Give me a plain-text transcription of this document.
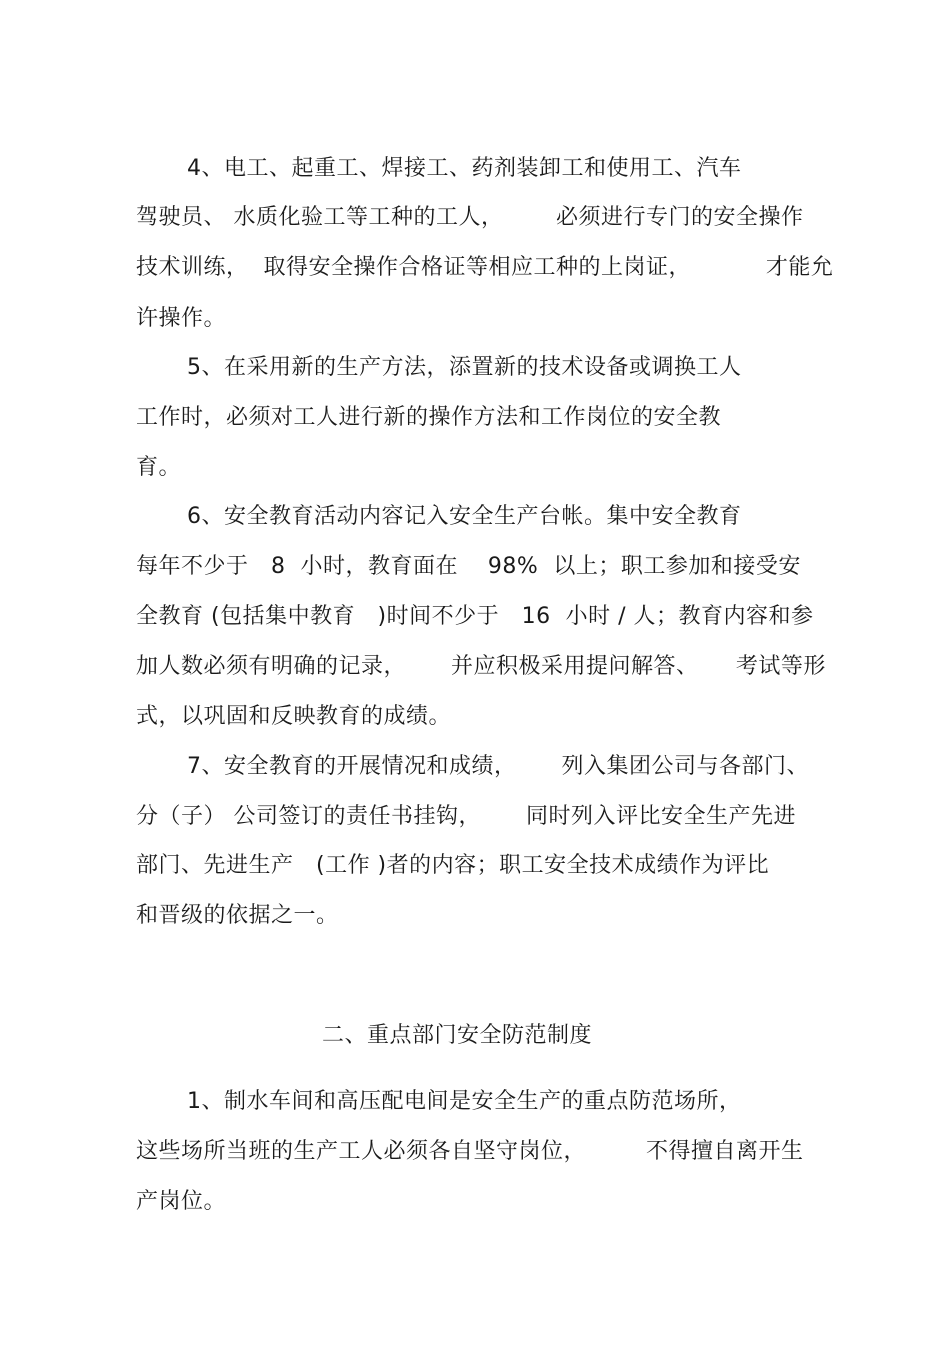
4、电工、起重工、焊接工、药剂装卸工和使用工、汽车
驾驶员、 水质化验工等工种的工人，       必须进行专门的安全操作
技术训练，  取得安全操作合格证等相应工种的上岗证，          才能允
许操作。
5、在采用新的生产方法，添置新的技术设备或调换工人
工作时，必须对工人进行新的操作方法和工作岗位的安全教
育。
6、安全教育活动内容记入安全生产台帐。集中安全教育
每年不少于   8  小时，教育面在    98%  以上；职工参加和接受安
全教育 (包括集中教育   )时间不少于   16  小时 / 人；教育内容和参
加人数必须有明确的记录，      并应积极采用提问解答、     考试等形
式，以巩固和反映教育的成绩。
7、安全教育的开展情况和成绩，      列入集团公司与各部门、
分（子） 公司签订的责任书挂钩，      同时列入评比安全生产先进
部门、先进生产   (工作 )者的内容；职工安全技术成绩作为评比
和晋级的依据之一。
二、重点部门安全防范制度
1、制水车间和高压配电间是安全生产的重点防范场所，
这些场所当班的生产工人必须各自坚守岗位，        不得擅自离开生
产岗位。
